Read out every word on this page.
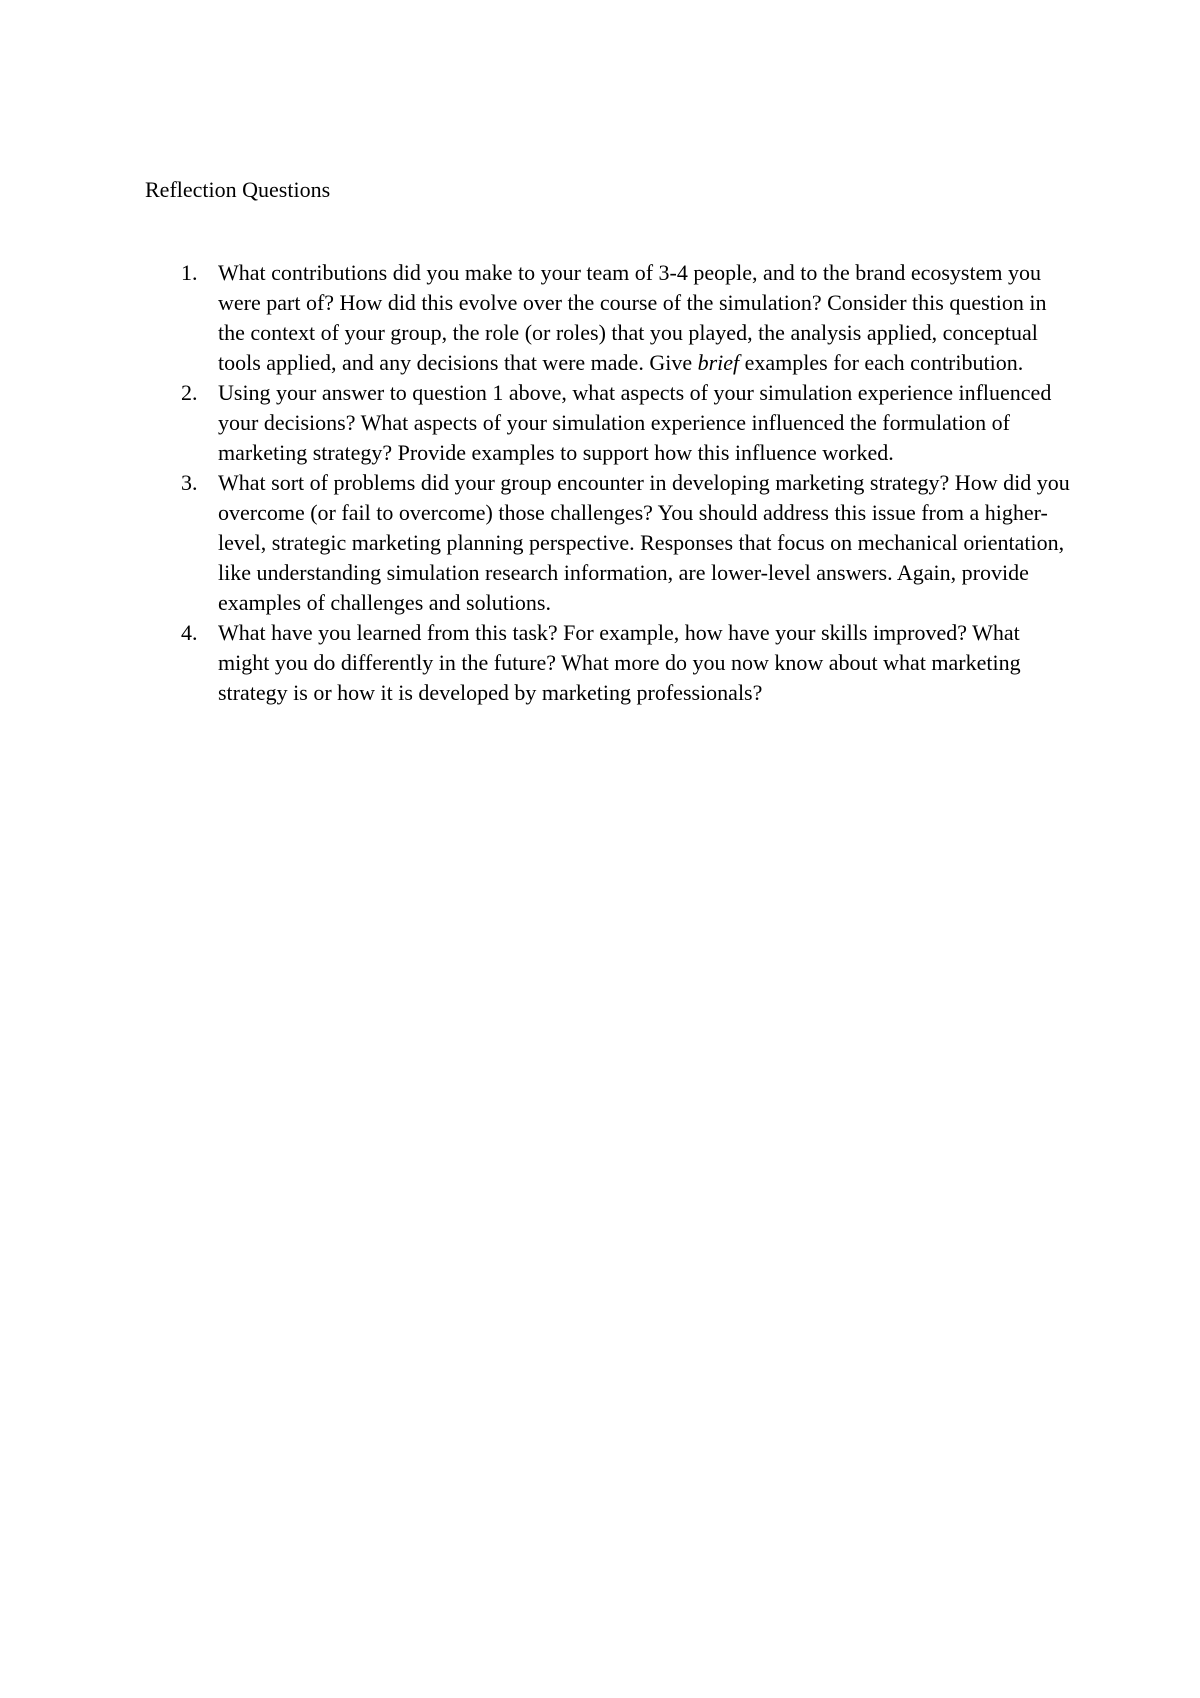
Reflection Questions
1. What contributions did you make to your team of 3-4 people, and to the brand ecosystem you were part of? How did this evolve over the course of the simulation? Consider this question in the context of your group, the role (or roles) that you played, the analysis applied, conceptual tools applied, and any decisions that were made. Give brief examples for each contribution.
2. Using your answer to question 1 above, what aspects of your simulation experience influenced your decisions? What aspects of your simulation experience influenced the formulation of marketing strategy? Provide examples to support how this influence worked.
3. What sort of problems did your group encounter in developing marketing strategy? How did you overcome (or fail to overcome) those challenges? You should address this issue from a higher-level, strategic marketing planning perspective. Responses that focus on mechanical orientation, like understanding simulation research information, are lower-level answers. Again, provide examples of challenges and solutions.
4. What have you learned from this task? For example, how have your skills improved? What might you do differently in the future? What more do you now know about what marketing strategy is or how it is developed by marketing professionals?
